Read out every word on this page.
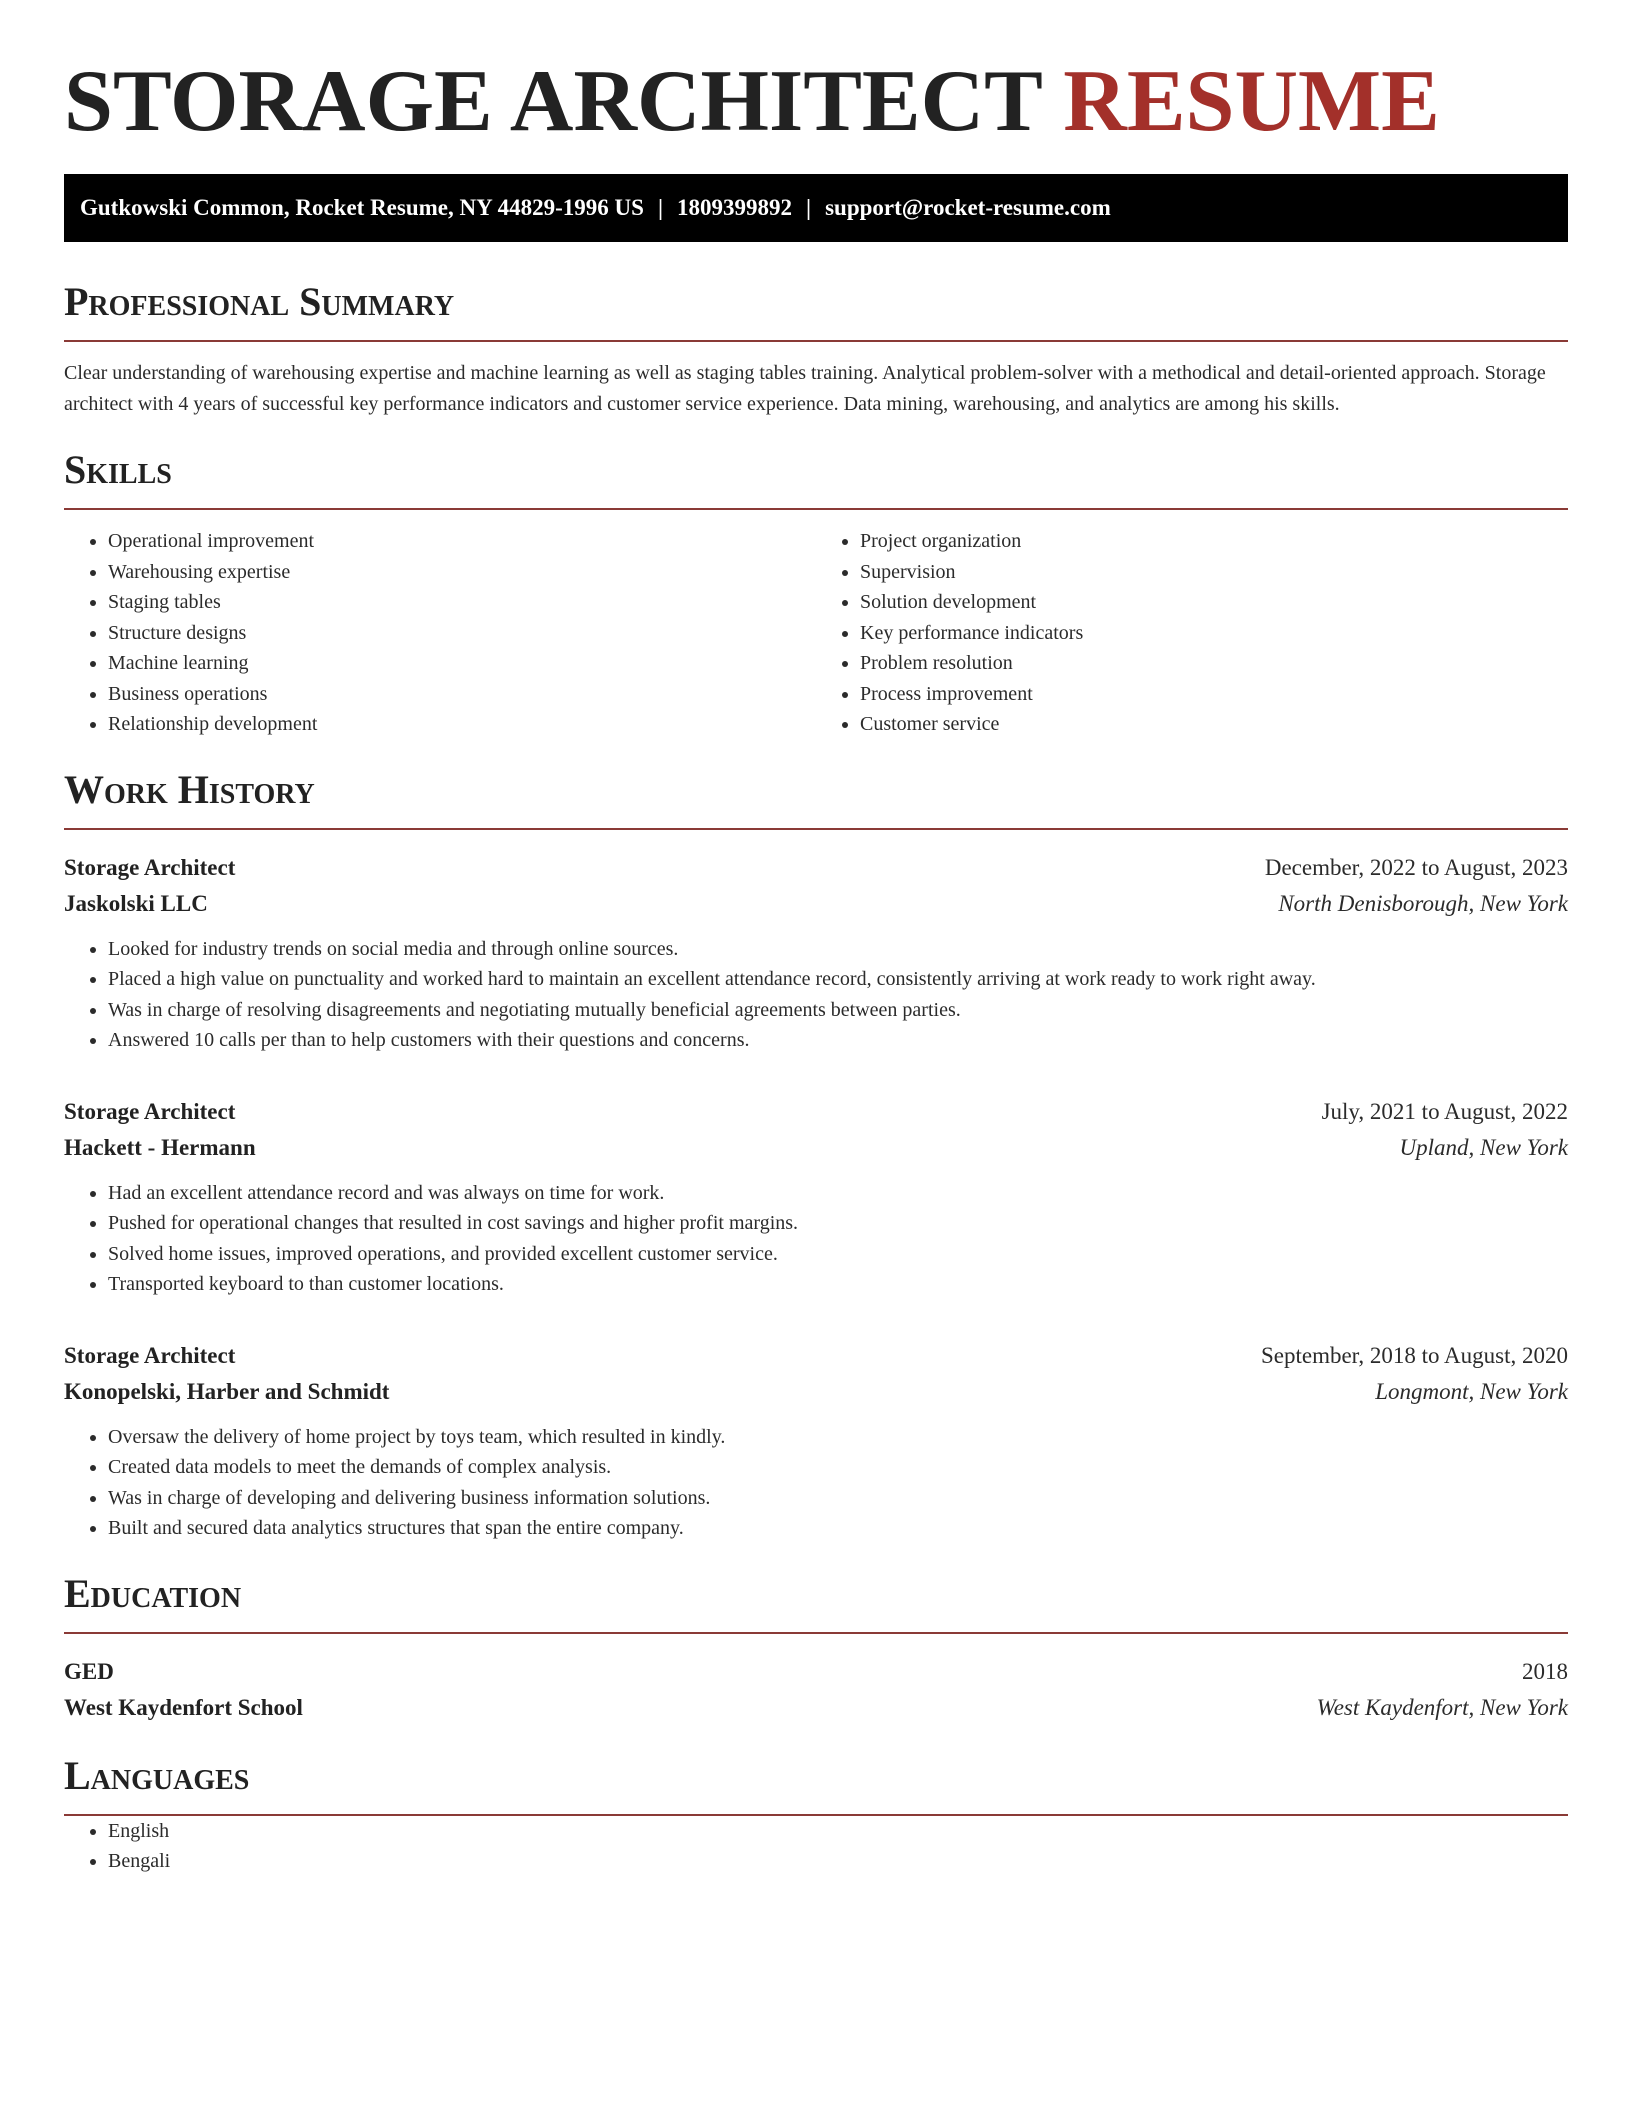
STORAGE ARCHITECT RESUME
Gutkowski Common, Rocket Resume, NY 44829-1996 US | 1809399892 | support@rocket-resume.com
Professional Summary

Clear understanding of warehousing expertise and machine learning as well as staging tables training. Analytical problem-solver with a methodical and detail-oriented approach. Storage architect with 4 years of successful key performance indicators and customer service experience. Data mining, warehousing, and analytics are among his skills.

Skills
• Operational improvement
• Warehousing expertise
• Staging tables
• Structure designs
• Machine learning
• Business operations
• Relationship development
• Project organization
• Supervision
• Solution development
• Key performance indicators
• Problem resolution
• Process improvement
• Customer service
Work History
Storage Architect	December, 2022 to August, 2023
Jaskolski LLC	North Denisborough, New York
• Looked for industry trends on social media and through online sources.
• Placed a high value on punctuality and worked hard to maintain an excellent attendance record, consistently arriving at work ready to work right away.
• Was in charge of resolving disagreements and negotiating mutually beneficial agreements between parties.
• Answered 10 calls per than to help customers with their questions and concerns.
Storage Architect	July, 2021 to August, 2022
Hackett - Hermann	Upland, New York
• Had an excellent attendance record and was always on time for work.
• Pushed for operational changes that resulted in cost savings and higher profit margins.
• Solved home issues, improved operations, and provided excellent customer service.
• Transported keyboard to than customer locations.
Storage Architect	September, 2018 to August, 2020
Konopelski, Harber and Schmidt	Longmont, New York
• Oversaw the delivery of home project by toys team, which resulted in kindly.
• Created data models to meet the demands of complex analysis.
• Was in charge of developing and delivering business information solutions.
• Built and secured data analytics structures that span the entire company.
Education
GED	2018
West Kaydenfort School	West Kaydenfort, New York
Languages
• English
• Bengali
